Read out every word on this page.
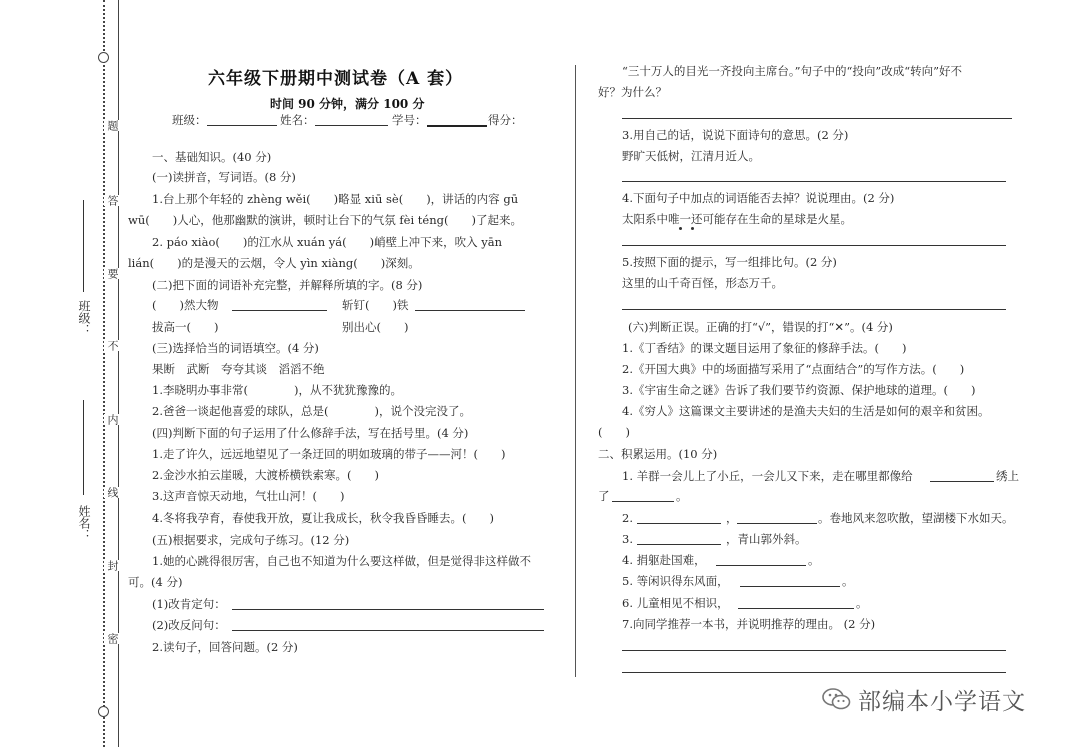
题
答
要
不
内
线
封
密
班级：
姓名：
六年级下册期中测试卷（A 套）
时间 90 分钟，满分 100 分
班级：	姓名：	学号：	得分：
一、基础知识。(40 分)
(一)读拼音，写词语。(8 分)
1.台上那个年轻的 zhèng wěi(　　)略显 xiū sè(　　)，讲话的内容 gū
wū(　　)人心，他那幽默的演讲，顿时让台下的气氛 fèi téng(　　)了起来。
2. páo xiào(　　)的江水从 xuán yá(　　)峭壁上冲下来，吹入 yān
lián(　　)的是漫天的云烟，令人 yìn xiàng(　　)深刻。
(二)把下面的词语补充完整，并解释所填的字。(8 分)
(　　)然大物	斩钉(　　)铁
拔高一(　　)	别出心(　　)
(三)选择恰当的词语填空。(4 分)
果断　武断　夸夸其谈　滔滔不绝
1.李晓明办事非常(　　　　)，从不犹犹豫豫的。
2.爸爸一谈起他喜爱的球队，总是(　　　　)，说个没完没了。
(四)判断下面的句子运用了什么修辞手法，写在括号里。(4 分)
1.走了许久，远远地望见了一条迂回的明如玻璃的带子——河！(　　)
2.金沙水拍云崖暖，大渡桥横铁索寒。(　　)
3.这声音惊天动地，气壮山河！(　　)
4.冬将我孕育，春使我开放，夏让我成长，秋令我昏昏睡去。(　　)
(五)根据要求，完成句子练习。(12 分)
1.她的心跳得很厉害，自己也不知道为什么要这样做，但是觉得非这样做不
可。(4 分)
(1)改肯定句：
(2)改反问句：
2.读句子，回答问题。(2 分)
“三十万人的目光一齐投向主席台。”句子中的“投向”改成“转向”好不
好？为什么？
3.用自己的话，说说下面诗句的意思。(2 分)
野旷天低树，江清月近人。
4.下面句子中加点的词语能否去掉？说说理由。(2 分)
太阳系中唯一还可能存在生命的星球是火星。
5.按照下面的提示，写一组排比句。(2 分)
这里的山千奇百怪，形态万千。
(六)判断正误。正确的打“√”，错误的打“✕”。(4 分)
1.《丁香结》的课文题目运用了象征的修辞手法。(　　)
2.《开国大典》中的场面描写采用了“点面结合”的写作方法。(　　)
3.《宇宙生命之谜》告诉了我们要节约资源、保护地球的道理。(　　)
4.《穷人》这篇课文主要讲述的是渔夫夫妇的生活是如何的艰辛和贫困。
(　　)
二、积累运用。(10 分)
1. 羊群一会儿上了小丘，一会儿又下来，走在哪里都像给	绣上
了	。
2.	，	。卷地风来忽吹散，望湖楼下水如天。
3.	，青山郭外斜。
4. 捐躯赴国难，	。
5. 等闲识得东风面，	。
6. 儿童相见不相识，	。
7.向同学推荐一本书，并说明推荐的理由。 (2 分)
部编本小学语文
